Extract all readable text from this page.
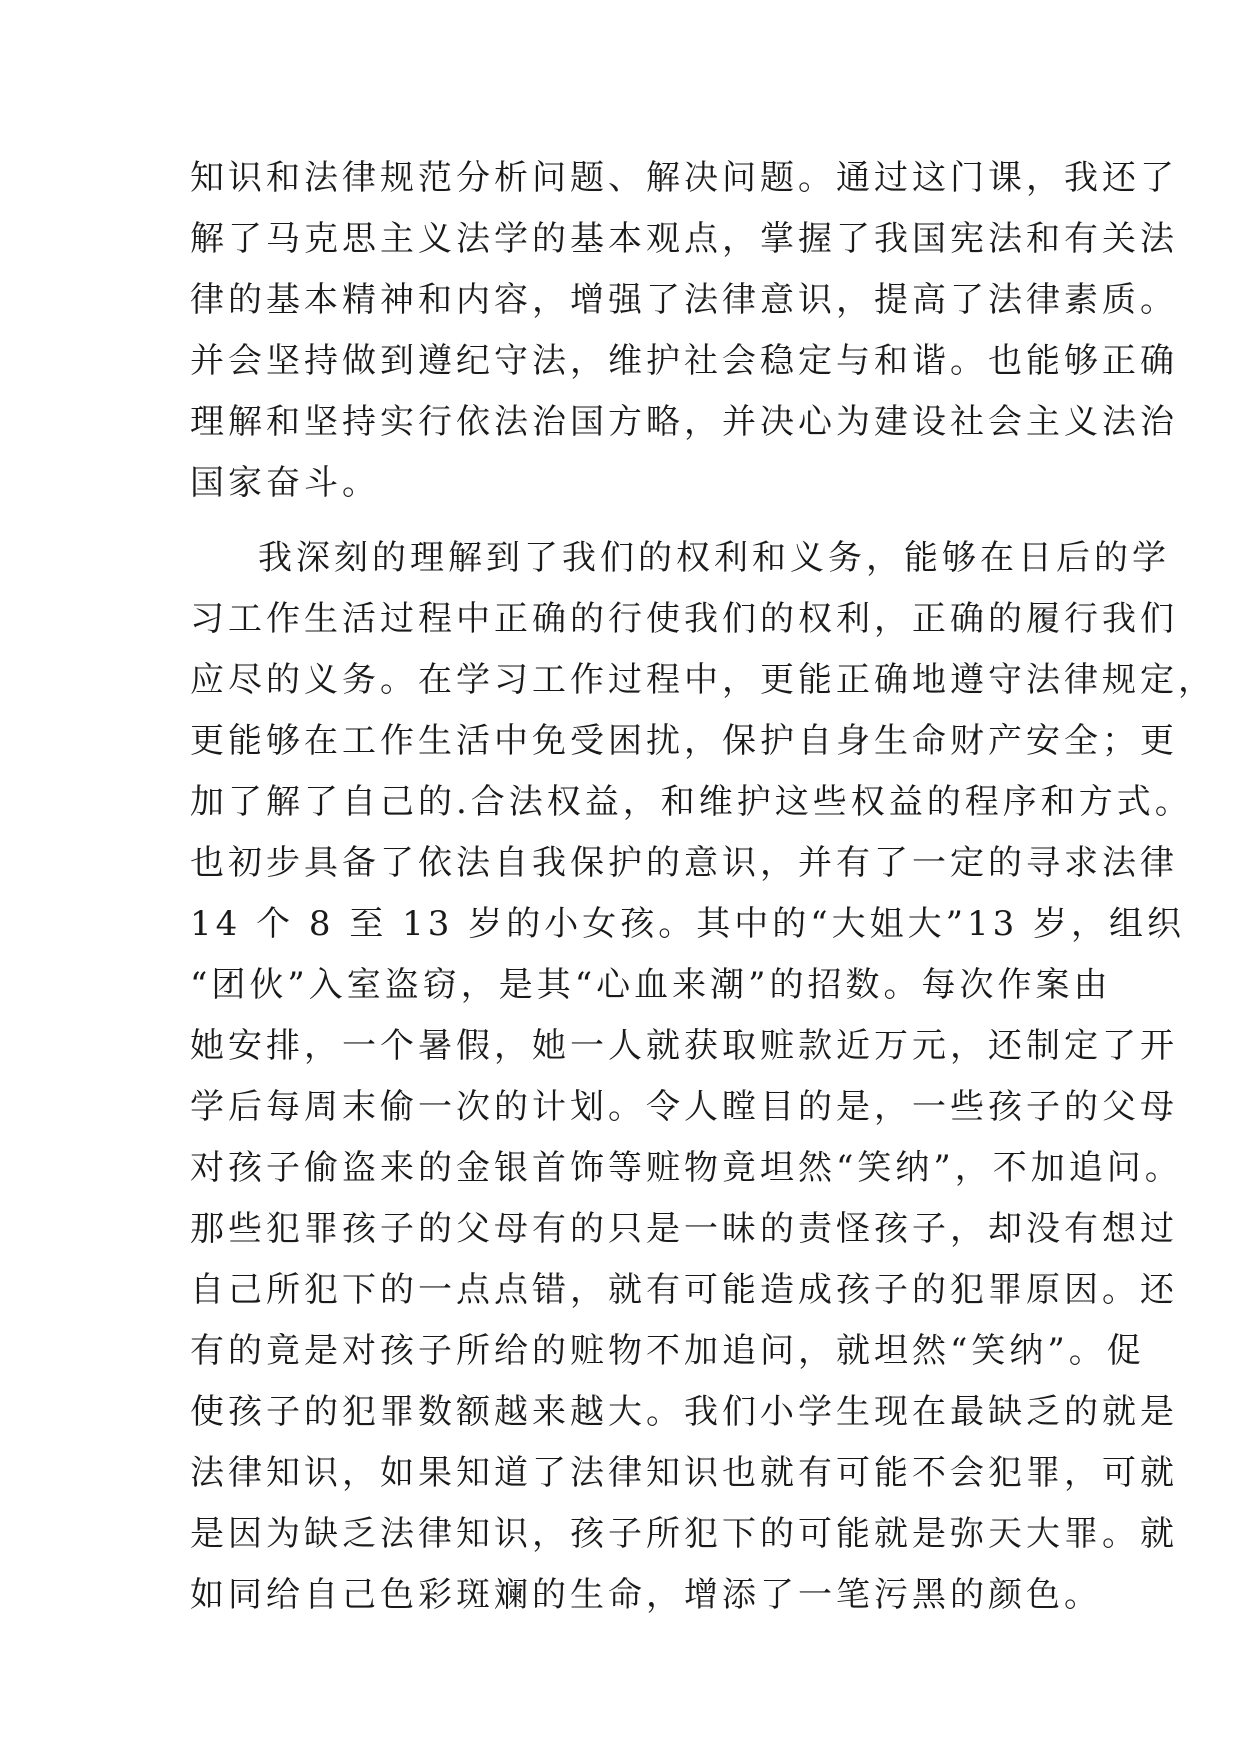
知识和法律规范分析问题、解决问题。通过这门课，我还了
解了马克思主义法学的基本观点，掌握了我国宪法和有关法
律的基本精神和内容，增强了法律意识，提高了法律素质。
并会坚持做到遵纪守法，维护社会稳定与和谐。也能够正确
理解和坚持实行依法治国方略，并决心为建设社会主义法治
国家奋斗。
我深刻的理解到了我们的权利和义务，能够在日后的学
习工作生活过程中正确的行使我们的权利，正确的履行我们
应尽的义务。在学习工作过程中，更能正确地遵守法律规定，
更能够在工作生活中免受困扰，保护自身生命财产安全；更
加了解了自己的.合法权益，和维护这些权益的程序和方式。
也初步具备了依法自我保护的意识，并有了一定的寻求法律
14 个 8 至 13 岁的小女孩。其中的“大姐大”13 岁，组织
“团伙”入室盗窃，是其“心血来潮”的招数。每次作案由
她安排，一个暑假，她一人就获取赃款近万元，还制定了开
学后每周末偷一次的计划。令人瞠目的是，一些孩子的父母
对孩子偷盗来的金银首饰等赃物竟坦然“笑纳”，不加追问。
那些犯罪孩子的父母有的只是一昧的责怪孩子，却没有想过
自己所犯下的一点点错，就有可能造成孩子的犯罪原因。还
有的竟是对孩子所给的赃物不加追问，就坦然“笑纳”。促
使孩子的犯罪数额越来越大。我们小学生现在最缺乏的就是
法律知识，如果知道了法律知识也就有可能不会犯罪，可就
是因为缺乏法律知识，孩子所犯下的可能就是弥天大罪。就
如同给自己色彩斑斓的生命，增添了一笔污黑的颜色。
